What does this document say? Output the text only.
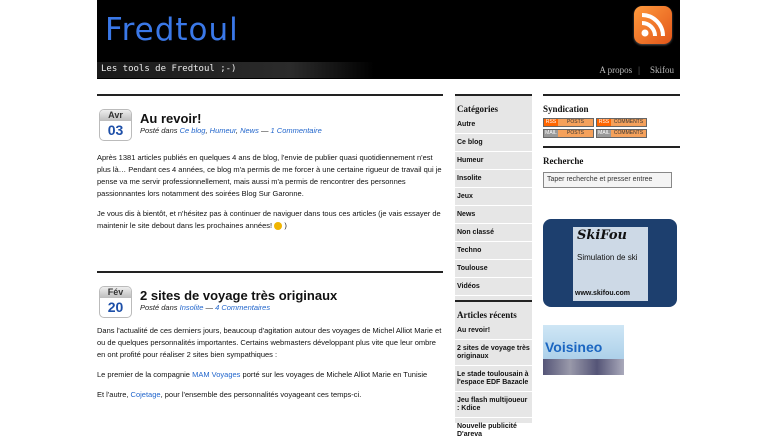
Fredtoul
Les tools de Fredtoul ;-)	A propos | Skifou
Avr
03
Au revoir!
Posté dans Ce blog, Humeur, News — 1 Commentaire

Après 1381 articles publiés en quelques 4 ans de blog, l'envie de publier quasi quotidiennement n'est plus là… Pendant ces 4 années, ce blog m'a permis de me forcer à une certaine rigueur de travail qui je pense va me servir professionnellement, mais aussi m'a permis de rencontrer des personnes passionnantes lors notamment des soirées Blog Sur Garonne.

Je vous dis à bientôt, et n'hésitez pas à continuer de naviguer dans tous ces articles (je vais essayer de maintenir le site debout dans les prochaines années! )

Fév
20
2 sites de voyage très originaux
Posté dans Insolite — 4 Commentaires

Dans l'actualité de ces derniers jours, beaucoup d'agitation autour des voyages de Michel Alliot Marie et ou de quelques personnalités importantes. Certains webmasters développant plus vite que leur ombre en ont profité pour réaliser 2 sites bien sympathiques :

Le premier de la compagnie MAM Voyages porté sur les voyages de Michele Alliot Marie en Tunisie

Et l'autre, Cojetage, pour l'ensemble des personnalités voyageant ces temps-ci.

Catégories
Autre
Ce blog
Humeur
Insolite
Jeux
News
Non classé
Techno
Toulouse
Vidéos
Articles récents
Au revoir!
2 sites de voyage très originaux
Le stade toulousain à l'espace EDF Bazacle
Jeu flash multijoueur : Kdice
Nouvelle publicité D'areva
Syndication
RSS	POSTS	RSS COMMENTS
MAIL	POSTS	MAIL COMMENTS
Recherche
Taper recherche et presser entree
SkiFou
Simulation de ski
www.skifou.com
Voisineo
